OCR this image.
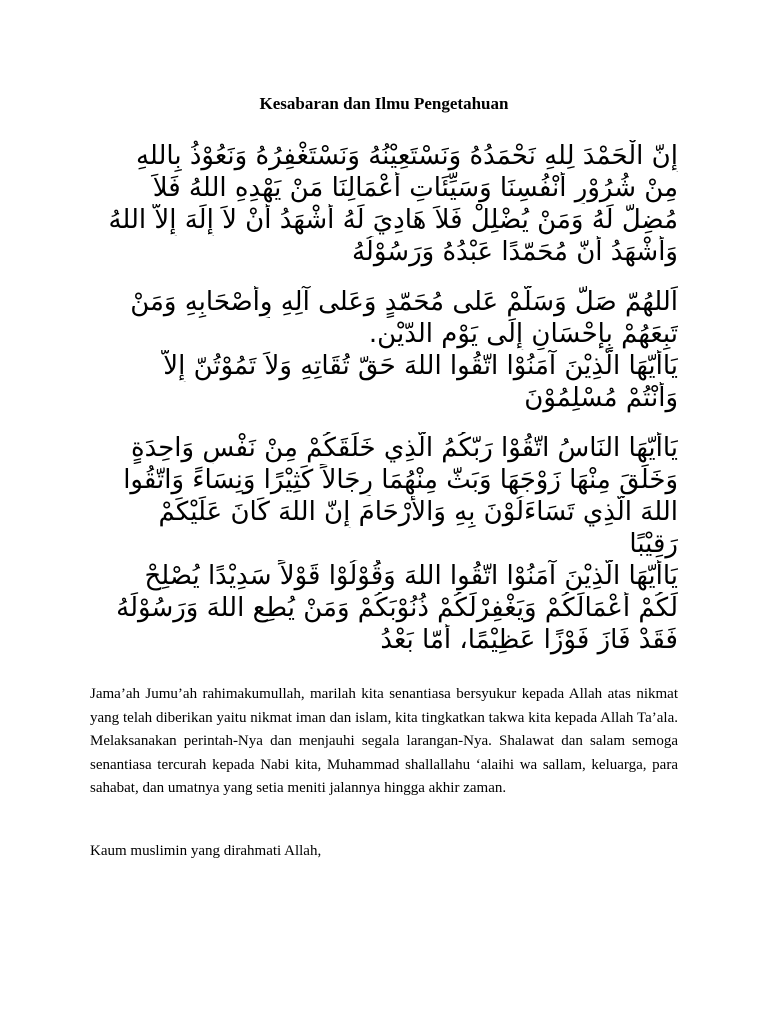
Kesabaran dan Ilmu Pengetahuan
إِنّ الْحَمْدَ لِلهِ نَحْمَدُهُ وَنَسْتَعِيْنُهُ وَنَسْتَغْفِرُهُ وَنَعُوْذُ بِاللهِ
مِنْ شُرُوْرِ أَنْفُسِنَا وَسَيِّئَاتِ أَعْمَالِنَا مَنْ يَهْدِهِ اللهُ فَلاَ
مُضِلّ لَهُ وَمَنْ يُضْلِلْ فَلاَ هَادِيَ لَهُ أَشْهَدُ أَنْ لاَ إِلَهَ إِلاّ اللهُ
وَأَشْهَدُ أَنّ مُحَمّدًا عَبْدُهُ وَرَسُوْلُهُ
اَللهُمّ صَلّ وَسَلّمْ عَلى مُحَمّدٍ وَعَلى آلِهِ وِأَصْحَابِهِ وَمَنْ
تَبِعَهُمْ بِإِحْسَانٍ إِلَى يَوْمِ الدّيْن.
يَاأَيّهَا الّذِيْنَ آمَنُوْا اتّقُوا اللهَ حَقّ تُقَاتِهِ وَلاَ تَمُوْتُنّ إِلاّ
وَأَنْتُمْ مُسْلِمُوْنَ
يَاأَيّهَا النَاسُ اتّقُوْا رَبّكُمُ الّذِي خَلَقَكُمْ مِنْ نَفْسٍ وَاحِدَةٍ
وَخَلَقَ مِنْهَا زَوْجَهَا وَبَثّ مِنْهُمَا رِجَالاً كَثِيْرًا وَنِسَاءً وَاتّقُوا
اللهَ الّذِي تَسَاءَلُوْنَ بِهِ وَالأَرْحَامَ إِنّ اللهَ كَانَ عَلَيْكَمْ
رَقِيْبًا
يَاأَيّهَا الّذِيْنَ آمَنُوْا اتّقُوا اللهَ وَقُوْلُوْا قَوْلاً سَدِيْدًا يُصْلِحْ
لَكُمْ أَعْمَالَكُمْ وَيَغْفِرْلَكُمْ ذُنُوْبَكُمْ وَمَنْ يُطِعِ اللهَ وَرَسُوْلَهُ
فَقَدْ فَازَ فَوْزًا عَظِيْمًا، أَمّا بَعْدُ

Jama’ah Jumu’ah rahimakumullah, marilah kita senantiasa bersyukur kepada Allah atas nikmat yang telah diberikan yaitu nikmat iman dan islam, kita tingkatkan takwa kita kepada Allah Ta’ala. Melaksanakan perintah-Nya dan menjauhi segala larangan-Nya. Shalawat dan salam semoga senantiasa tercurah kepada Nabi kita, Muhammad shallallahu ‘alaihi wa sallam, keluarga, para sahabat, dan umatnya yang setia meniti jalannya hingga akhir zaman.

Kaum muslimin yang dirahmati Allah,
